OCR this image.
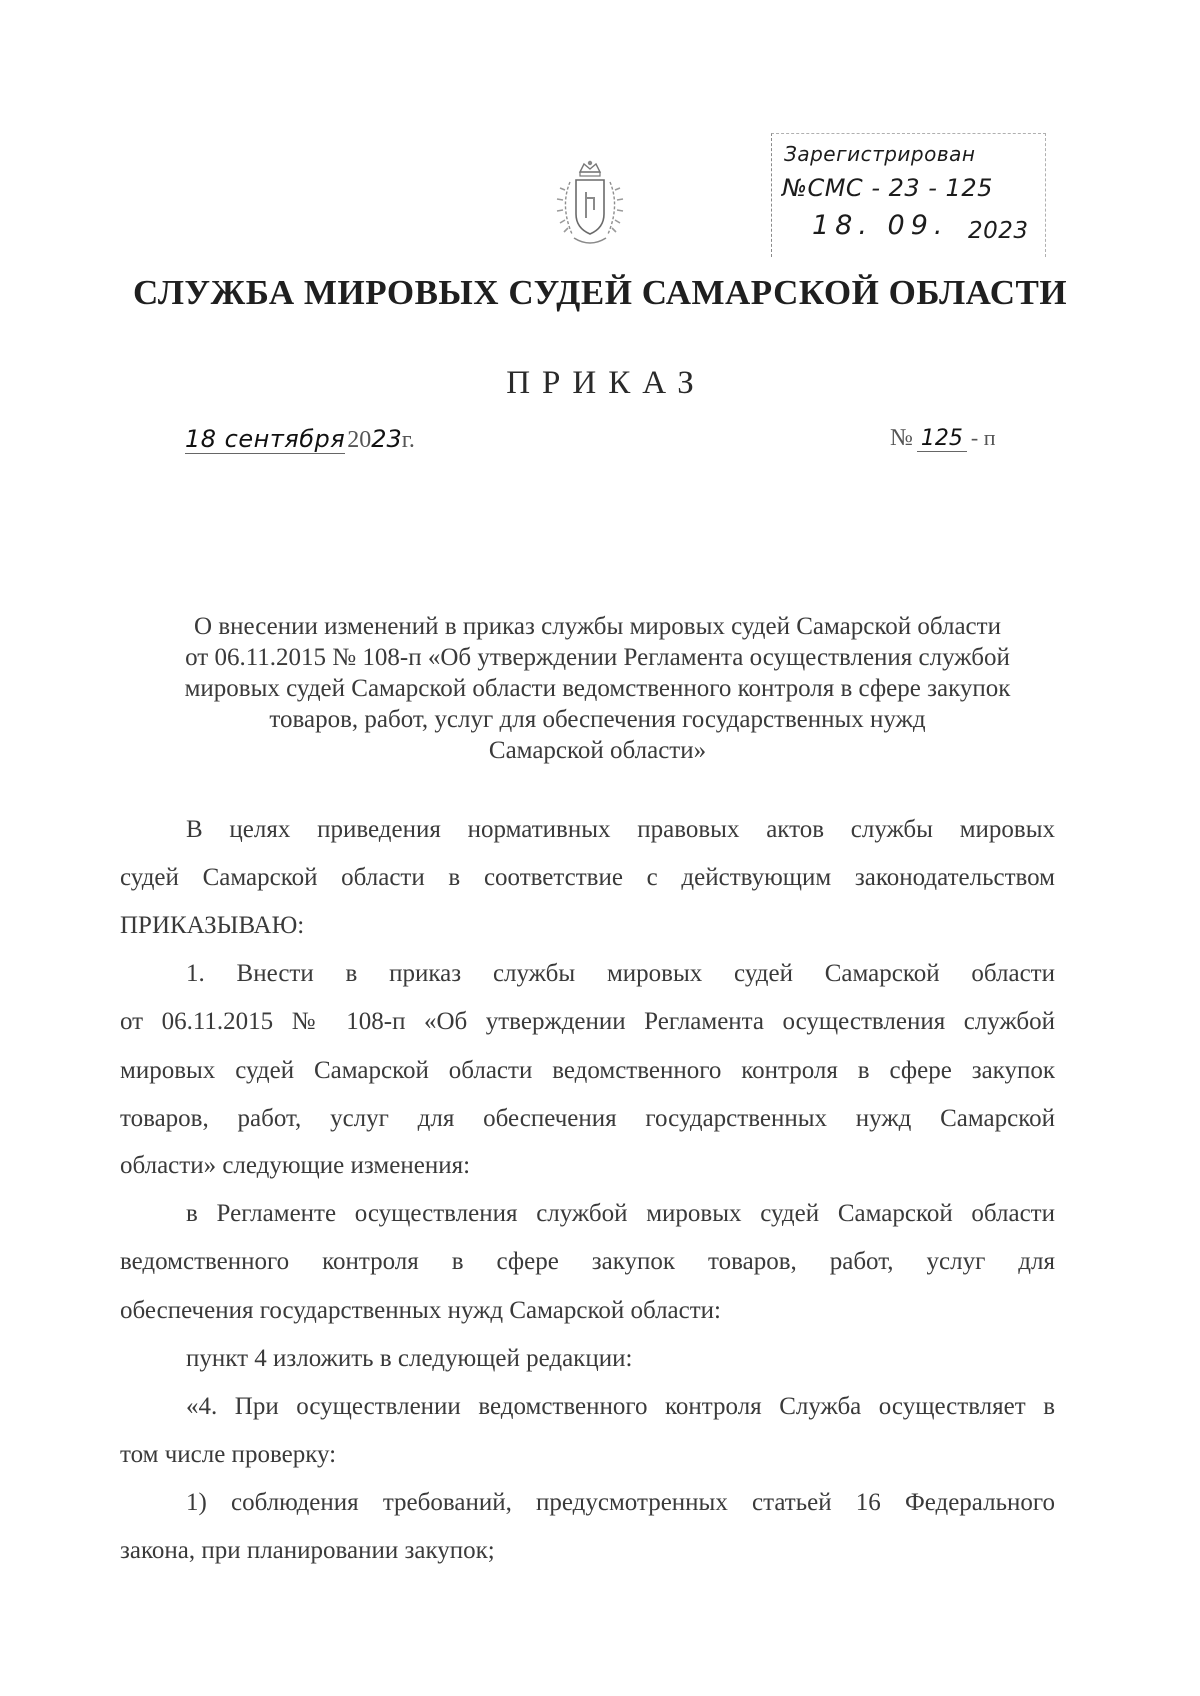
Зарегистрирован
№СМС - 23 - 125
18. 09. 2023
СЛУЖБА МИРОВЫХ СУДЕЙ САМАРСКОЙ ОБЛАСТИ
ПРИКАЗ
18 сентября2023г.	№ 125 - п
О внесении изменений в приказ службы мировых судей Самарской области
от 06.11.2015 № 108-п «Об утверждении Регламента осуществления службой
мировых судей Самарской области ведомственного контроля в сфере закупок
товаров, работ, услуг для обеспечения государственных нужд
Самарской области»
В целях приведения нормативных правовых актов службы мировых
судей Самарской области в соответствие с действующим законодательством
ПРИКАЗЫВАЮ:
1. Внести в приказ службы мировых судей Самарской области
от 06.11.2015 № 108-п «Об утверждении Регламента осуществления службой
мировых судей Самарской области ведомственного контроля в сфере закупок
товаров, работ, услуг для обеспечения государственных нужд Самарской
области» следующие изменения:
в Регламенте осуществления службой мировых судей Самарской области
ведомственного контроля в сфере закупок товаров, работ, услуг для
обеспечения государственных нужд Самарской области:
пункт 4 изложить в следующей редакции:
«4. При осуществлении ведомственного контроля Служба осуществляет в
том числе проверку:
1) соблюдения требований, предусмотренных статьей 16 Федерального
закона, при планировании закупок;
